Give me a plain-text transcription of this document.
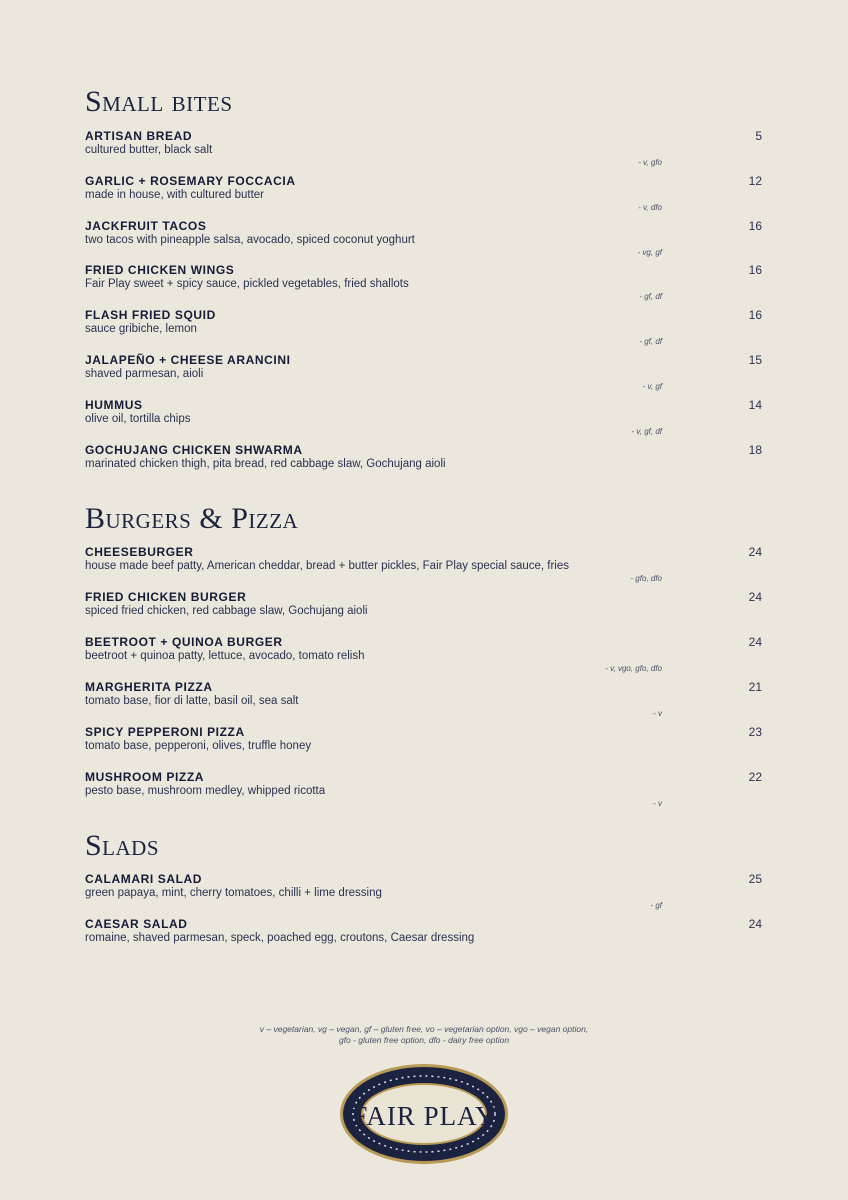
Small bites
Burgers & Pizza
Slads
ARTISAN BREAD
cultured butter, black salt
5
- v, gfo
GARLIC + ROSEMARY FOCCACIA
made in house, with cultured butter
12
- v, dfo
JACKFRUIT TACOS
two tacos with pineapple salsa, avocado, spiced coconut yoghurt
16
- vg, gf
FRIED CHICKEN WINGS
Fair Play sweet + spicy sauce, pickled vegetables, fried shallots
16
- gf, df
FLASH FRIED SQUID
sauce gribiche, lemon
16
- gf, df
JALAPEÑO + CHEESE ARANCINI
shaved parmesan, aioli
15
- v, gf
HUMMUS
olive oil, tortilla chips
14
- v, gf, df
GOCHUJANG CHICKEN SHWARMA
marinated chicken thigh, pita bread, red cabbage slaw, Gochujang aioli
18
CHEESEBURGER
house made beef patty, American cheddar, bread + butter pickles, Fair Play special sauce, fries
24
- gfo, dfo
FRIED CHICKEN BURGER
spiced fried chicken, red cabbage slaw, Gochujang aioli
24
BEETROOT + QUINOA BURGER
beetroot + quinoa patty, lettuce, avocado, tomato relish
24
- v, vgo, gfo, dfo
MARGHERITA PIZZA
tomato base, fior di latte, basil oil, sea salt
21
- v
SPICY PEPPERONI PIZZA
tomato base, pepperoni, olives, truffle honey
23
MUSHROOM PIZZA
pesto base, mushroom medley, whipped ricotta
22
- v
CALAMARI SALAD
green papaya, mint, cherry tomatoes, chilli + lime dressing
25
- gf
CAESAR SALAD
romaine, shaved parmesan, speck, poached egg, croutons, Caesar dressing
24
v – vegetarian, vg – vegan, gf – gluten free, vo – vegetarian option, vgo – vegan option,
gfo - gluten free option, dfo - dairy free option
FAIR PLAY
